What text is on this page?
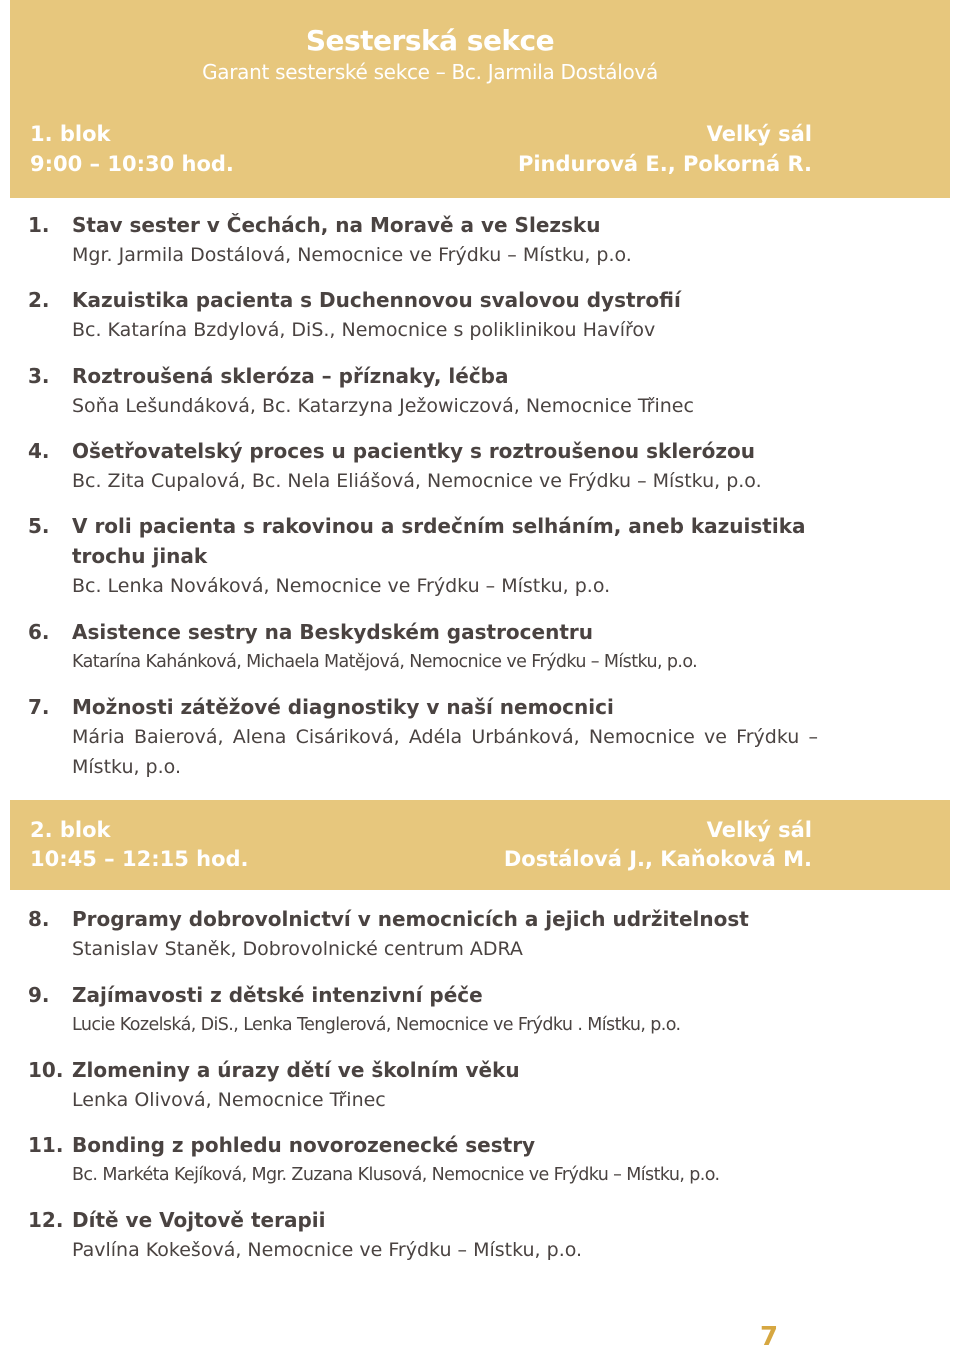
Sesterská sekce
Garant sesterské sekce – Bc. Jarmila Dostálová
1. blok	Velký sál
9:00 – 10:30 hod.	Pindurová E., Pokorná R.
1.	Stav sester v Čechách, na Moravě a ve Slezsku
Mgr. Jarmila Dostálová, Nemocnice ve Frýdku – Místku, p.o.
2.	Kazuistika pacienta s Duchennovou svalovou dystrofií
Bc. Katarína Bzdylová, DiS., Nemocnice s poliklinikou Havířov
3.	Roztroušená skleróza – příznaky, léčba
Soňa Lešundáková, Bc. Katarzyna Ježowiczová, Nemocnice Třinec
4.	Ošetřovatelský proces u pacientky s roztroušenou sklerózou
Bc. Zita Cupalová, Bc. Nela Eliášová, Nemocnice ve Frýdku – Místku, p.o.
5.	V roli pacienta s rakovinou a srdečním selháním, aneb kazuistika trochu jinak
Bc. Lenka Nováková, Nemocnice ve Frýdku – Místku, p.o.
6.	Asistence sestry na Beskydském gastrocentru
Katarína Kahánková, Michaela Matějová, Nemocnice ve Frýdku – Místku, p.o.
7.	Možnosti zátěžové diagnostiky v naší nemocnici
Mária Baierová, Alena Cisáriková, Adéla Urbánková, Nemocnice ve Frýdku – Místku, p.o.
2. blok	Velký sál
10:45 – 12:15 hod.	Dostálová J., Kaňoková M.
8.	Programy dobrovolnictví v nemocnicích a jejich udržitelnost
Stanislav Staněk, Dobrovolnické centrum ADRA
9.	Zajímavosti z dětské intenzivní péče
Lucie Kozelská, DiS., Lenka Tenglerová, Nemocnice ve Frýdku . Místku, p.o.
10. Zlomeniny a úrazy dětí ve školním věku
Lenka Olivová, Nemocnice Třinec
11. Bonding z pohledu novorozenecké sestry
Bc. Markéta Kejíková, Mgr. Zuzana Klusová, Nemocnice ve Frýdku – Místku, p.o.
12. Dítě ve Vojtově terapii
Pavlína Kokešová, Nemocnice ve Frýdku – Místku, p.o.
7
